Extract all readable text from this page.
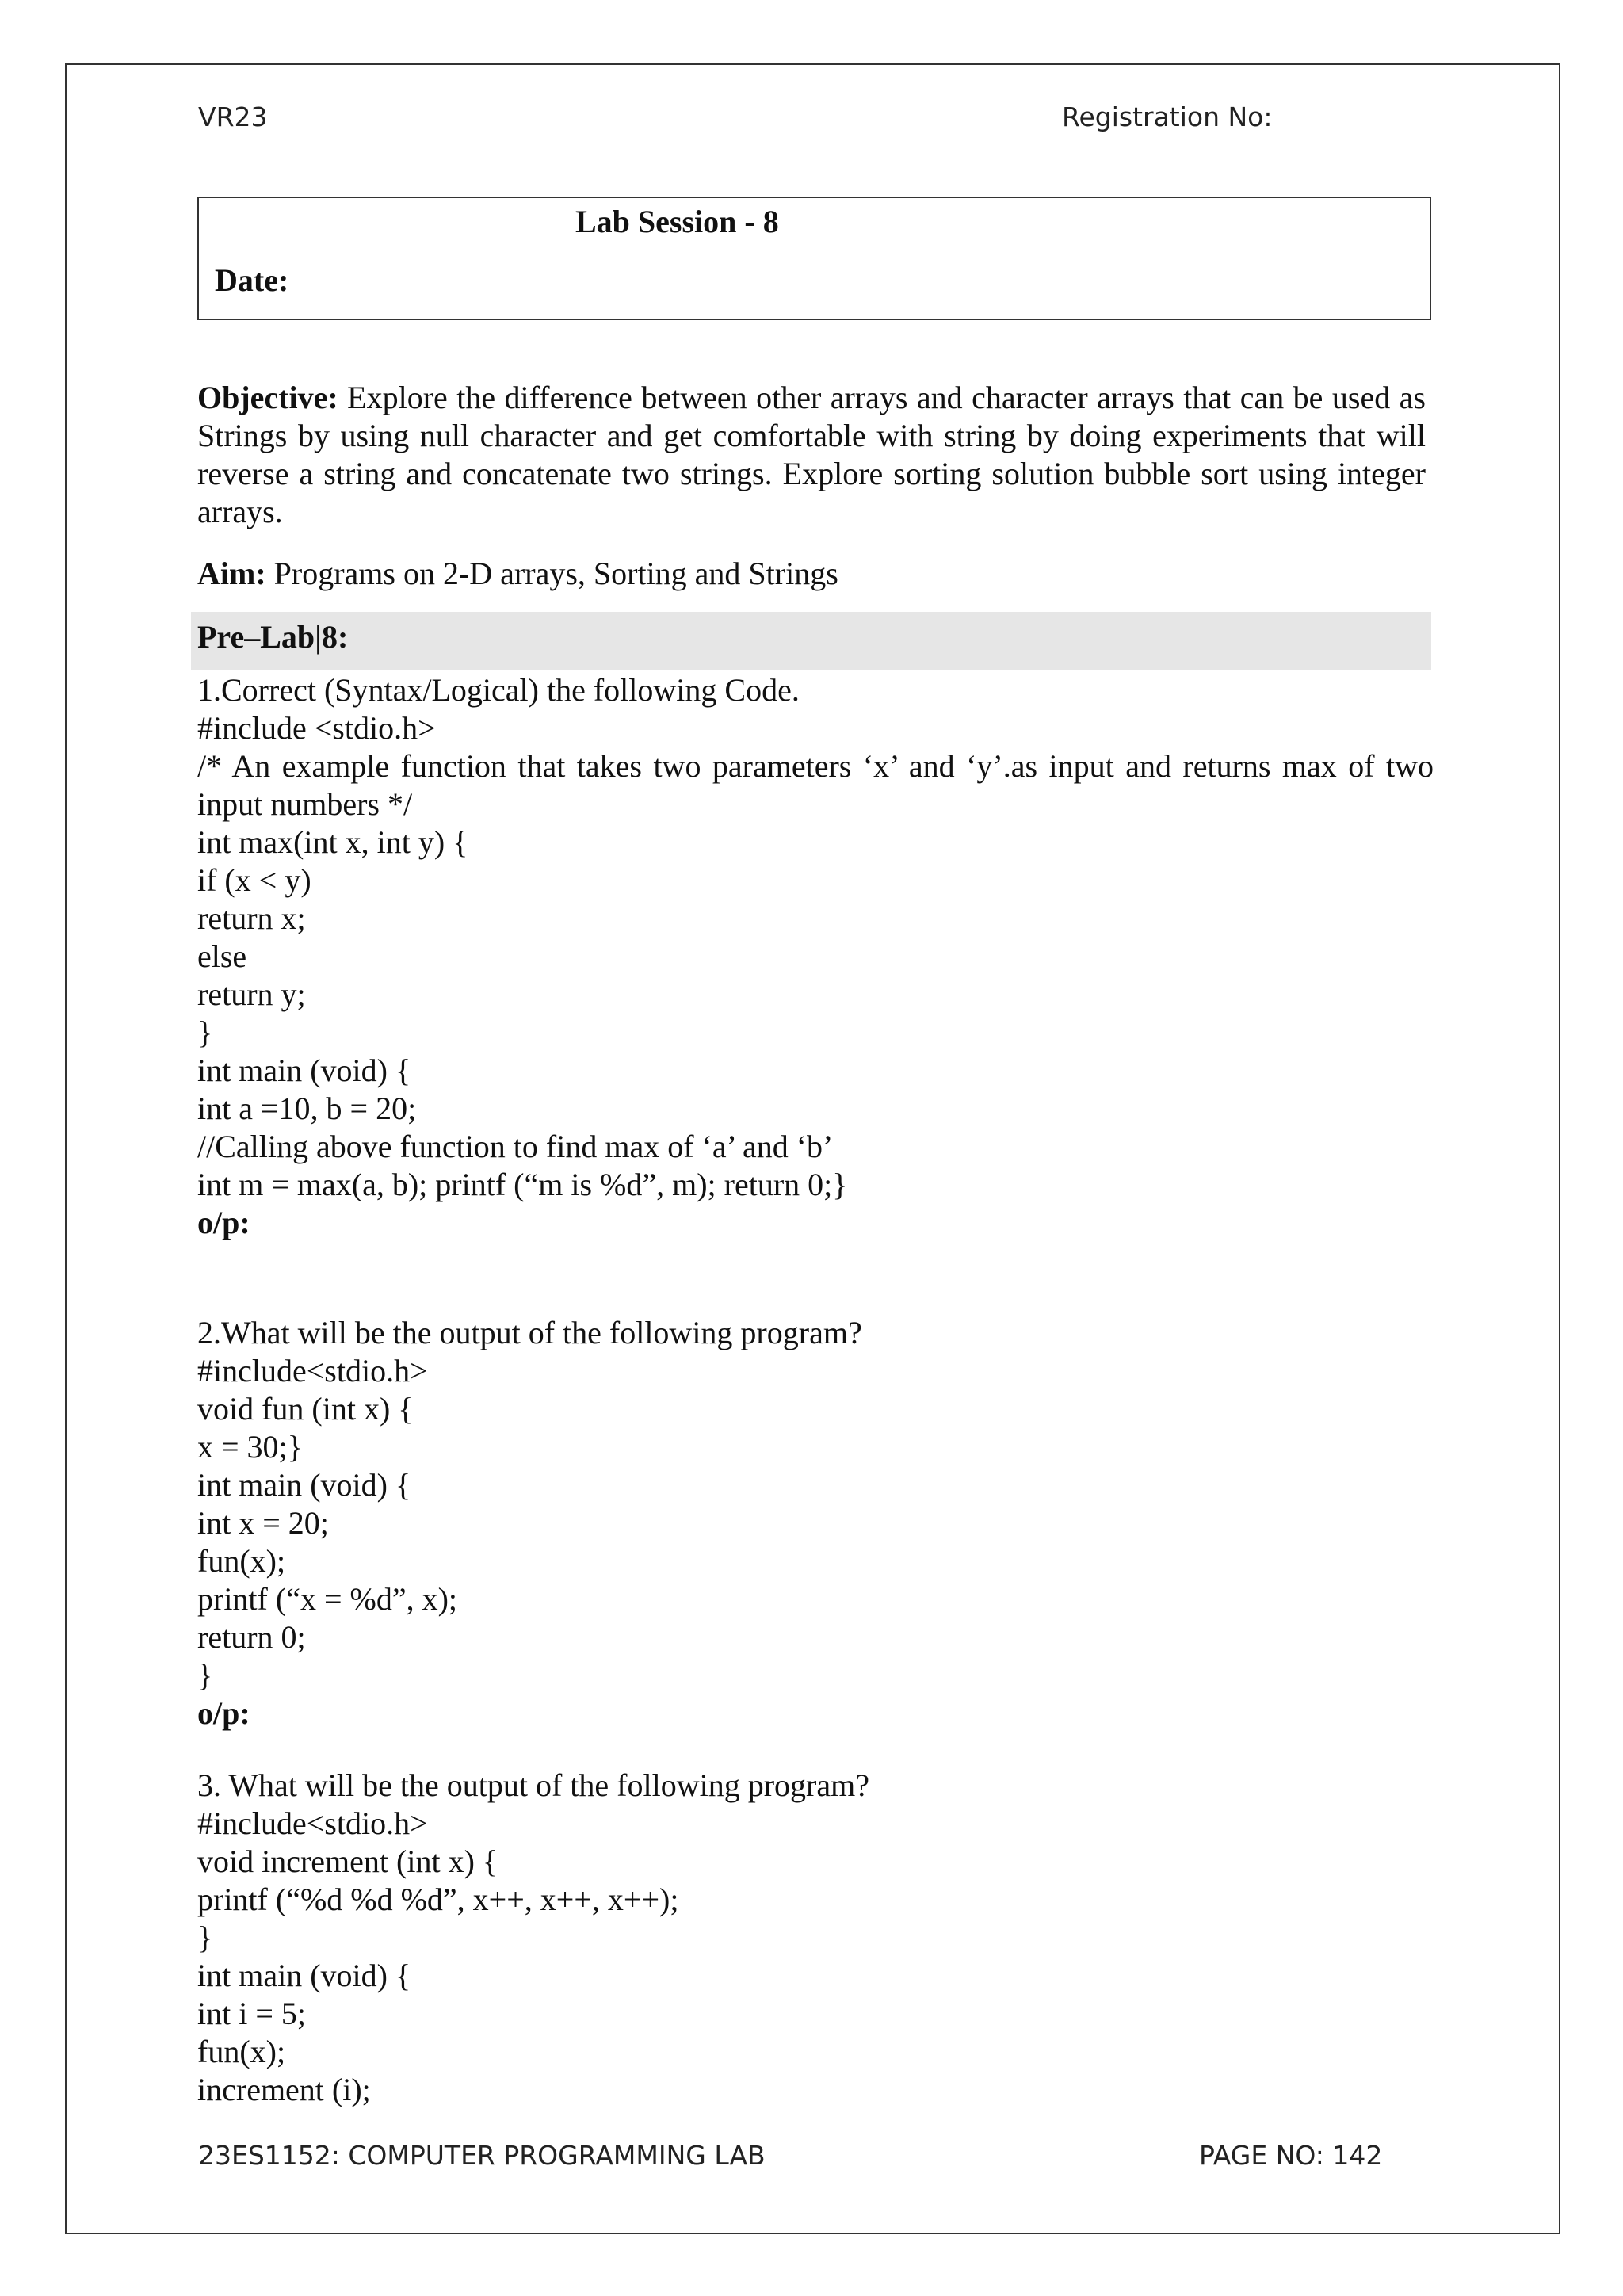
VR23	Registration No:
Lab Session - 8
Date:
Objective: Explore the difference between other arrays and character arrays that can be used as Strings by using null character and get comfortable with string by doing experiments that will reverse a string and concatenate two strings. Explore sorting solution bubble sort using integer arrays.
Aim: Programs on 2-D arrays, Sorting and Strings
Pre–Lab|8:
1.Correct (Syntax/Logical) the following Code.
#include <stdio.h>
/* An example function that takes two parameters ‘x’ and ‘y’.as input and returns max of two input numbers */
int max(int x, int y) {
if (x < y)
return x;
else
return y;
}
int main (void) {
int a =10, b = 20;
//Calling above function to find max of ‘a’ and ‘b’
int m = max(a, b); printf (“m is %d”, m); return 0;}
o/p:
2.What will be the output of the following program?
#include<stdio.h>
void fun (int x) {
x = 30;}
int main (void) {
int x = 20;
fun(x);
printf (“x = %d”, x);
return 0;
}
o/p:
3. What will be the output of the following program?
#include<stdio.h>
void increment (int x) {
printf (“%d %d %d”, x++, x++, x++);
}
int main (void) {
int i = 5;
fun(x);
increment (i);
23ES1152: COMPUTER PROGRAMMING LAB	PAGE NO: 142
